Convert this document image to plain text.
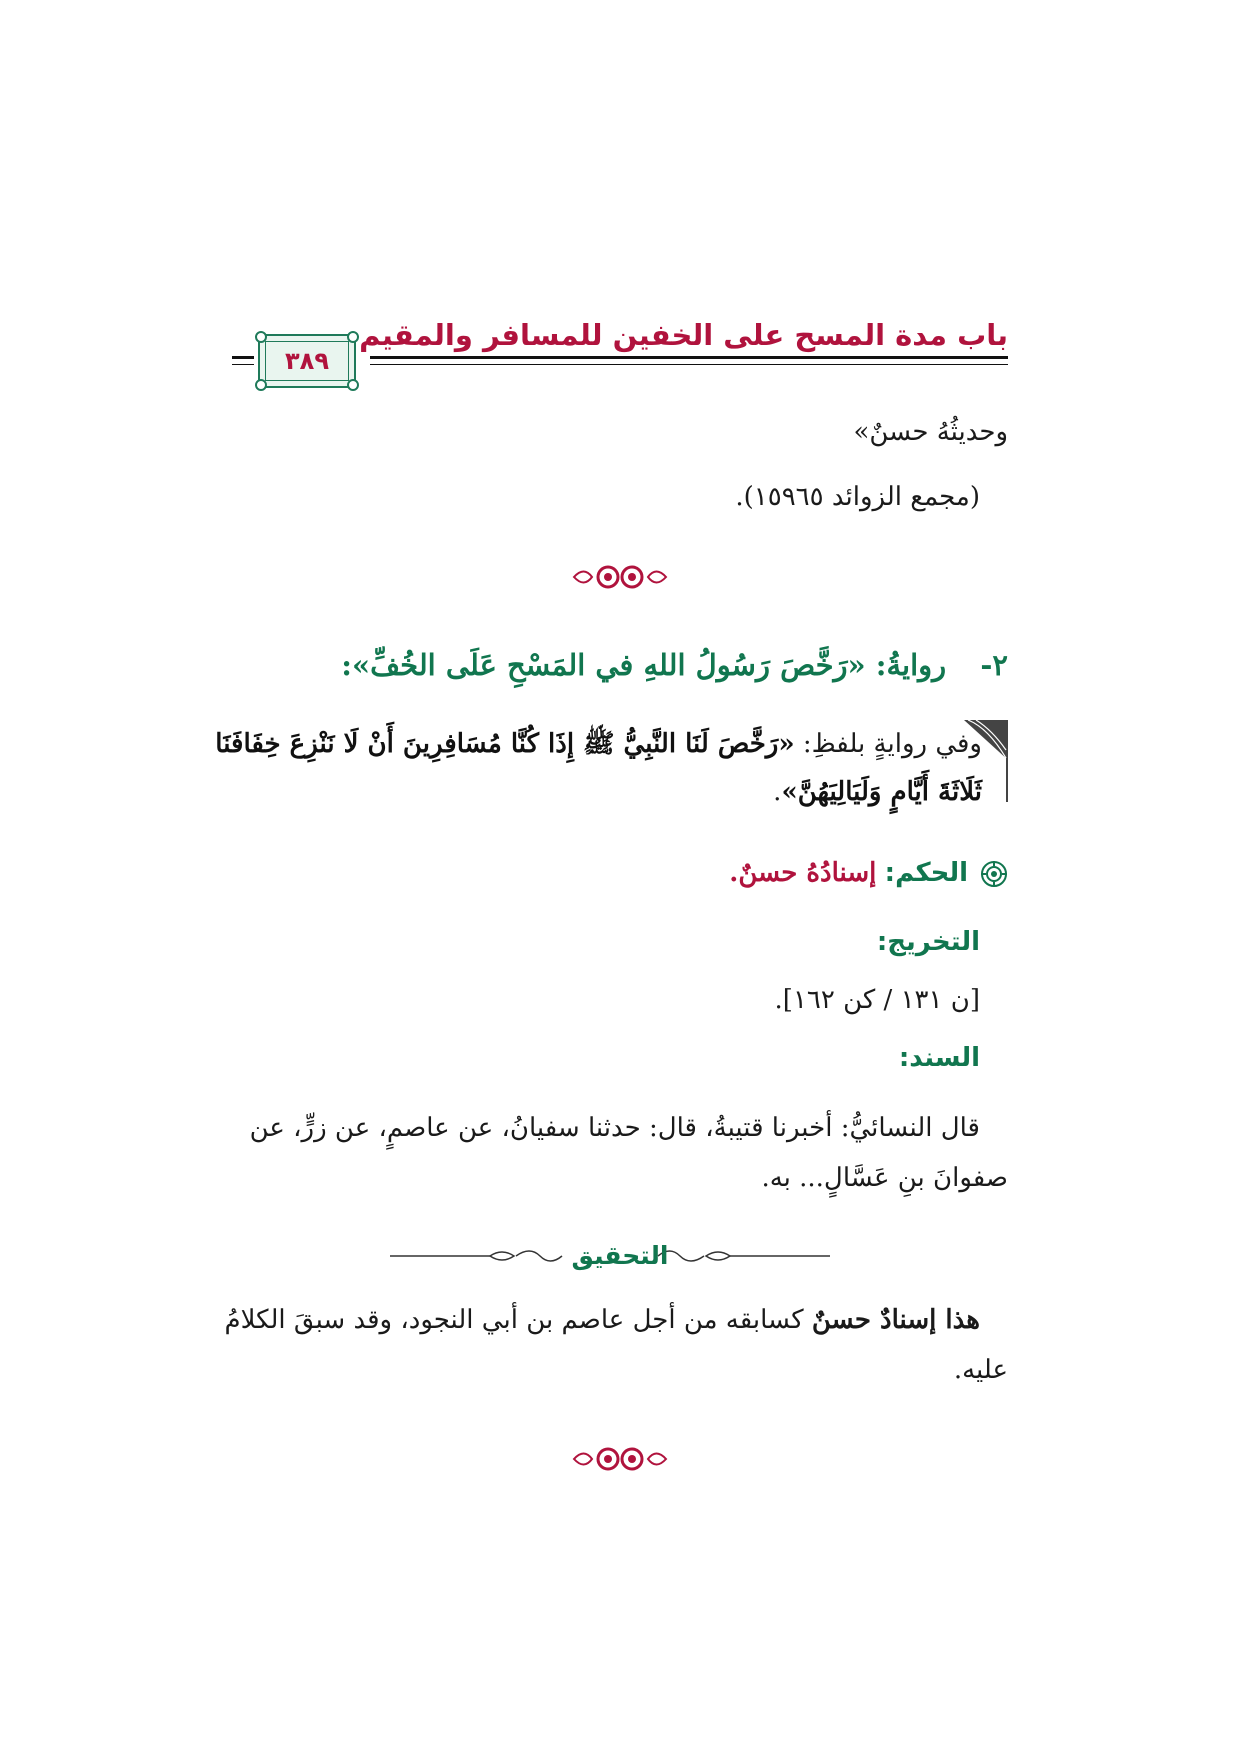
باب مدة المسح على الخفين للمسافر والمقيم
٣٨٩
وحديثُهُ حسنٌ»
(مجمع الزوائد ١٥٩٦٥).
٢-  روايةُ: «رَخَّصَ رَسُولُ اللهِ في المَسْحِ عَلَى الخُفِّ»:
وفي روايةٍ بلفظِ: «رَخَّصَ لَنَا النَّبِيُّ ﷺ إِذَا كُنَّا مُسَافِرِينَ أَنْ لَا نَنْزِعَ خِفَافَنَا
ثَلَاثَةَ أَيَّامٍ وَلَيَالِيَهُنَّ».
الحكم: إسنادُهُ حسنٌ.
التخريج:
[ن ١٣١ / كن ١٦٢].
السند:
قال النسائيُّ: أخبرنا قتيبةُ، قال: حدثنا سفيانُ، عن عاصمٍ، عن زرٍّ، عن
صفوانَ بنِ عَسَّالٍ... به.
التحقيق
هذا إسنادٌ حسنٌ كسابقه من أجل عاصم بن أبي النجود، وقد سبقَ الكلامُ
عليه.
